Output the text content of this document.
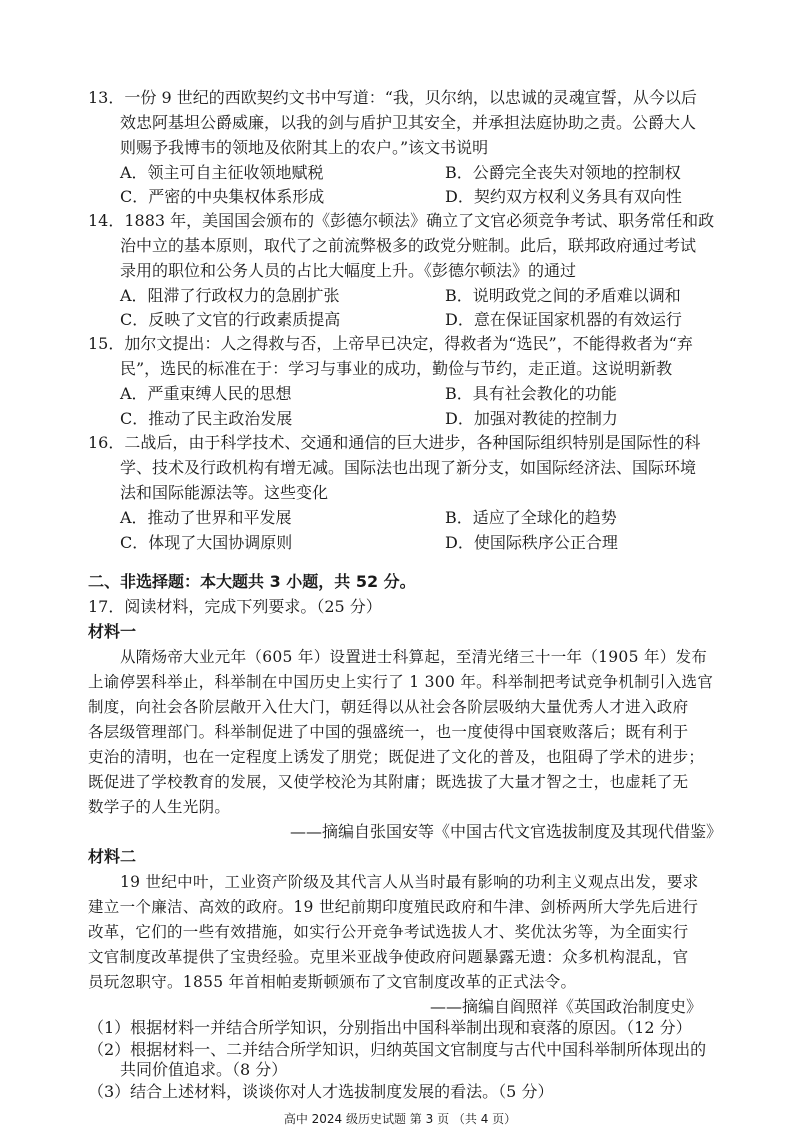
13．一份 9 世纪的西欧契约文书中写道：“我，贝尔纳，以忠诚的灵魂宣誓，从今以后
效忠阿基坦公爵威廉，以我的剑与盾护卫其安全，并承担法庭协助之责。公爵大人
则赐予我博韦的领地及依附其上的农户。”该文书说明
A．领主可自主征收领地赋税	B．公爵完全丧失对领地的控制权
C．严密的中央集权体系形成	D．契约双方权利义务具有双向性
14．1883 年，美国国会颁布的《彭德尔顿法》确立了文官必须竞争考试、职务常任和政
治中立的基本原则，取代了之前流弊极多的政党分赃制。此后，联邦政府通过考试
录用的职位和公务人员的占比大幅度上升。《彭德尔顿法》的通过
A．阻滞了行政权力的急剧扩张	B．说明政党之间的矛盾难以调和
C．反映了文官的行政素质提高	D．意在保证国家机器的有效运行
15．加尔文提出：人之得救与否，上帝早已决定，得救者为“选民”，不能得救者为“弃
民”，选民的标准在于：学习与事业的成功，勤俭与节约，走正道。这说明新教
A．严重束缚人民的思想	B．具有社会教化的功能
C．推动了民主政治发展	D．加强对教徒的控制力
16．二战后，由于科学技术、交通和通信的巨大进步，各种国际组织特别是国际性的科
学、技术及行政机构有增无减。国际法也出现了新分支，如国际经济法、国际环境
法和国际能源法等。这些变化
A．推动了世界和平发展	B．适应了全球化的趋势
C．体现了大国协调原则	D．使国际秩序公正合理
二、非选择题：本大题共 3 小题，共 52 分。
17．阅读材料，完成下列要求。（25 分）
材料一
从隋炀帝大业元年（605 年）设置进士科算起，至清光绪三十一年（1905 年）发布
上谕停罢科举止，科举制在中国历史上实行了 1 300 年。科举制把考试竞争机制引入选官
制度，向社会各阶层敞开入仕大门，朝廷得以从社会各阶层吸纳大量优秀人才进入政府
各层级管理部门。科举制促进了中国的强盛统一，也一度使得中国衰败落后；既有利于
吏治的清明，也在一定程度上诱发了朋党；既促进了文化的普及，也阻碍了学术的进步；
既促进了学校教育的发展，又使学校沦为其附庸；既选拔了大量才智之士，也虚耗了无
数学子的人生光阴。
——摘编自张国安等《中国古代文官选拔制度及其现代借鉴》
材料二
19 世纪中叶，工业资产阶级及其代言人从当时最有影响的功利主义观点出发，要求
建立一个廉洁、高效的政府。19 世纪前期印度殖民政府和牛津、剑桥两所大学先后进行
改革，它们的一些有效措施，如实行公开竞争考试选拔人才、奖优汰劣等，为全面实行
文官制度改革提供了宝贵经验。克里米亚战争使政府问题暴露无遗：众多机构混乱，官
员玩忽职守。1855 年首相帕麦斯顿颁布了文官制度改革的正式法令。
——摘编自阎照祥《英国政治制度史》
（1）根据材料一并结合所学知识，分别指出中国科举制出现和衰落的原因。（12 分）
（2）根据材料一、二并结合所学知识，归纳英国文官制度与古代中国科举制所体现出的
高中 2024 级历史试题 第 3 页 （共 4 页）
共同价值追求。（8 分）
（3）结合上述材料，谈谈你对人才选拔制度发展的看法。（5 分）
